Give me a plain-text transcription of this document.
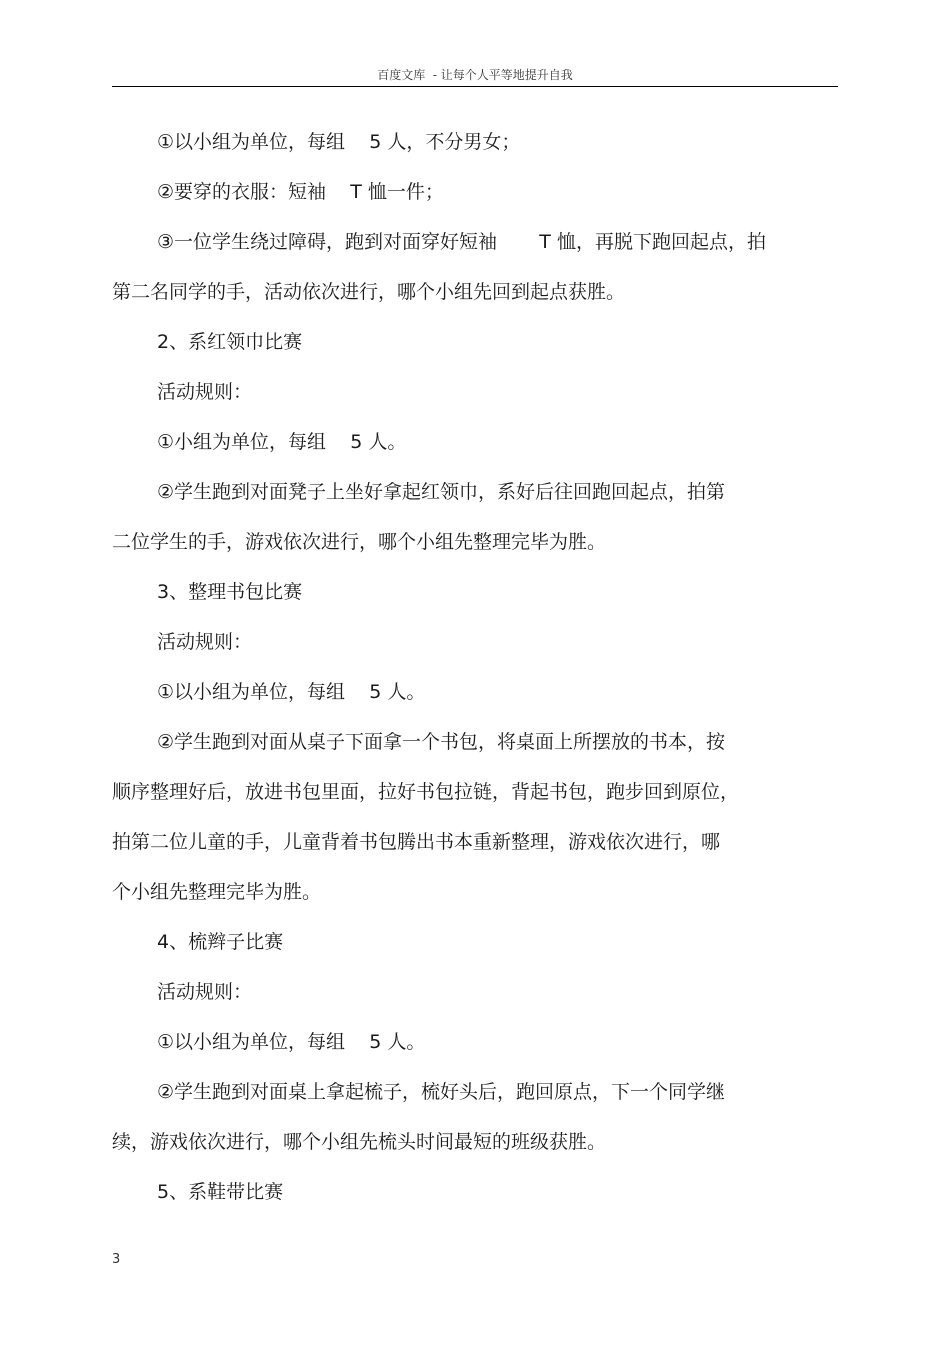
百度文库  - 让每个人平等地提升自我
①以小组为单位，每组    5 人，不分男女；
②要穿的衣服：短袖    T 恤一件；
③一位学生绕过障碍，跑到对面穿好短袖       T 恤，再脱下跑回起点，拍
第二名同学的手，活动依次进行，哪个小组先回到起点获胜。
2、系红领巾比赛
活动规则：
①小组为单位，每组    5 人。
②学生跑到对面凳子上坐好拿起红领巾，系好后往回跑回起点，拍第
二位学生的手，游戏依次进行，哪个小组先整理完毕为胜。
3、整理书包比赛
活动规则：
①以小组为单位，每组    5 人。
②学生跑到对面从桌子下面拿一个书包，将桌面上所摆放的书本，按
顺序整理好后，放进书包里面，拉好书包拉链，背起书包，跑步回到原位，
拍第二位儿童的手，儿童背着书包腾出书本重新整理，游戏依次进行，哪
个小组先整理完毕为胜。
4、梳辫子比赛
活动规则：
①以小组为单位，每组    5 人。
②学生跑到对面桌上拿起梳子，梳好头后，跑回原点，下一个同学继
续，游戏依次进行，哪个小组先梳头时间最短的班级获胜。
5、系鞋带比赛
3
